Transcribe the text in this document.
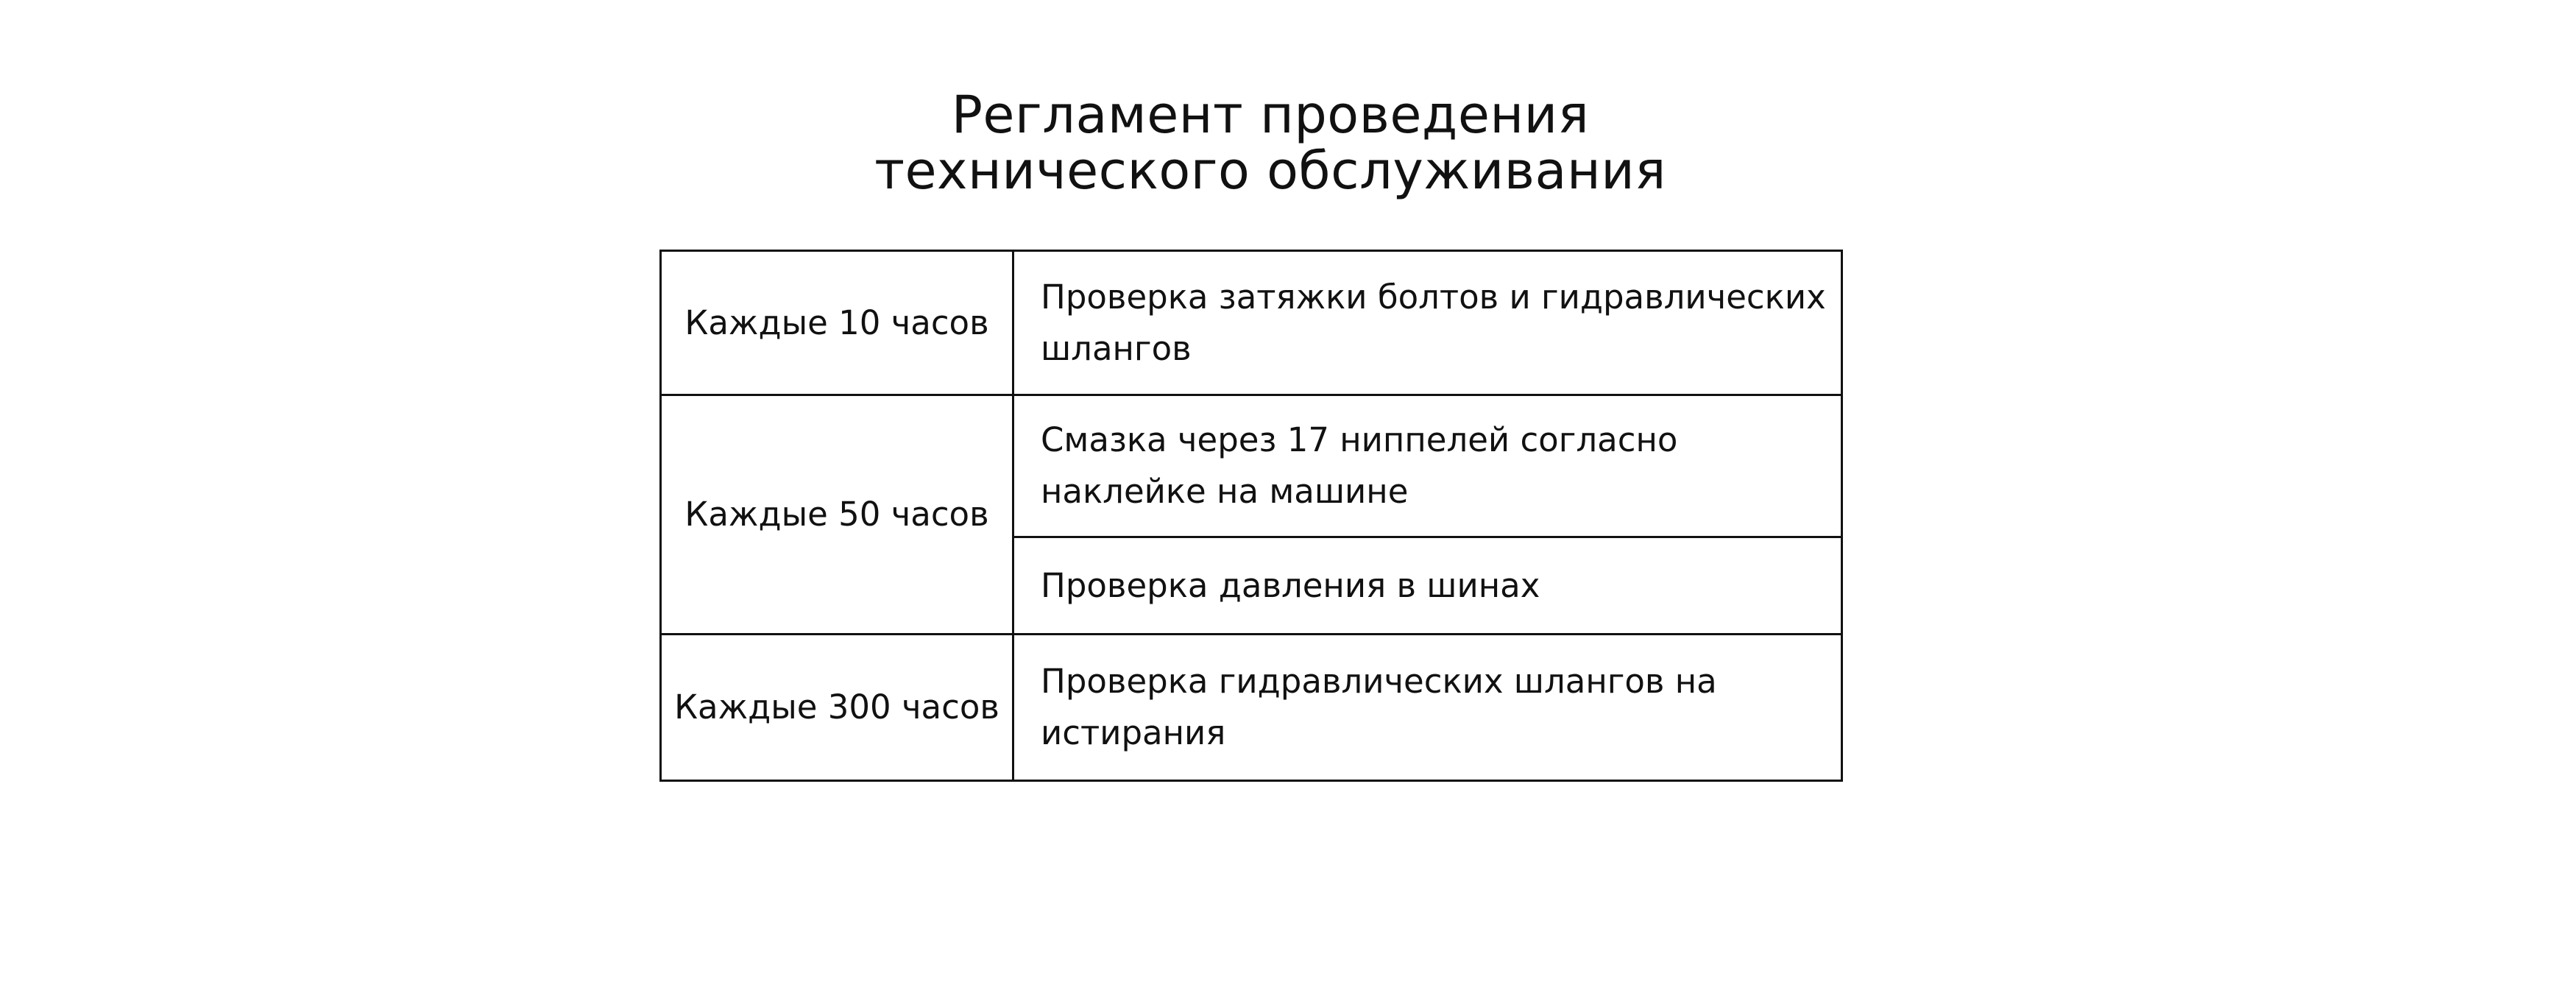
Регламент проведения
технического обслуживания
Каждые 10 часов	Проверка затяжки болтов и гидравлических шлангов

Каждые 50 часов	Смазка через 17 ниппелей согласно наклейке на машине

	Проверка давления в шинах

Каждые 300 часов	Проверка гидравлических шлангов на истирания
